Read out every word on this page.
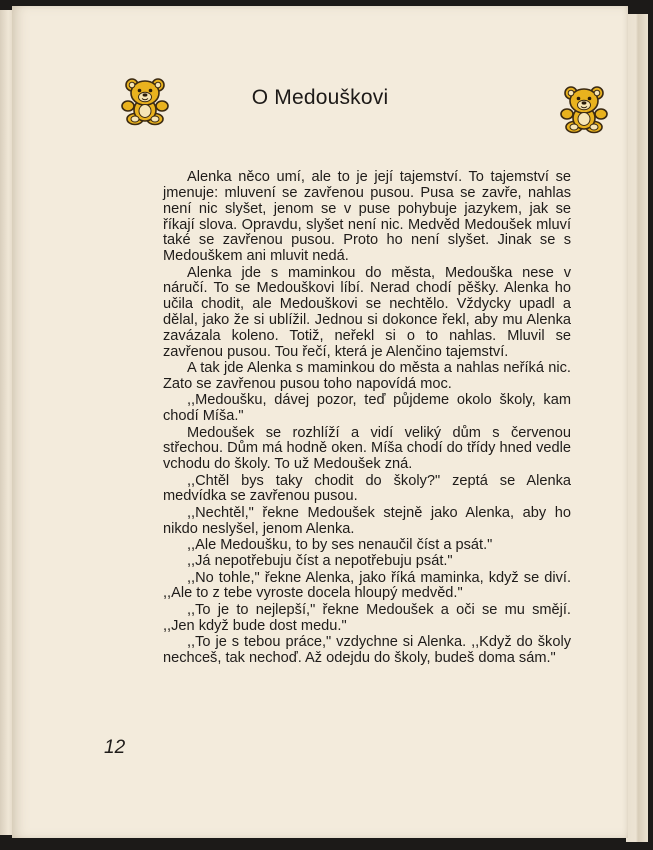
O Medouškovi

Alenka něco umí, ale to je její tajemství. To tajemství se jmenuje: mluvení se zavřenou pusou. Pusa se zavře, nahlas není nic slyšet, jenom se v puse pohybuje jazykem, jak se říkají slova. Opravdu, slyšet není nic. Medvěd Medoušek mluví také se zavřenou pusou. Proto ho není slyšet. Jinak se s Medouškem ani mluvit nedá.

Alenka jde s maminkou do města, Medouška nese v náručí. To se Medouškovi líbí. Nerad chodí pěšky. Alenka ho učila chodit, ale Medouškovi se nechtělo. Vždycky upadl a dělal, jako že si ublížil. Jednou si dokonce řekl, aby mu Alenka zavázala koleno. Totiž, neřekl si o to nahlas. Mluvil se zavřenou pusou. Tou řečí, která je Alenčino tajemství.

A tak jde Alenka s maminkou do města a nahlas neříká nic. Zato se zavřenou pusou toho napovídá moc.

,,Medoušku, dávej pozor, teď půjdeme okolo školy, kam chodí Míša."

Medoušek se rozhlíží a vidí veliký dům s červenou střechou. Dům má hodně oken. Míša chodí do třídy hned vedle vchodu do školy. To už Medoušek zná.

,,Chtěl bys taky chodit do školy?" zeptá se Alenka medvídka se zavřenou pusou.

,,Nechtěl," řekne Medoušek stejně jako Alenka, aby ho nikdo neslyšel, jenom Alenka.

,,Ale Medoušku, to by ses nenaučil číst a psát."

,,Já nepotřebuju číst a nepotřebuju psát."

,,No tohle," řekne Alenka, jako říká maminka, když se diví. ,,Ale to z tebe vyroste docela hloupý medvěd."

,,To je to nejlepší," řekne Medoušek a oči se mu smějí. ,,Jen když bude dost medu."

,,To je s tebou práce," vzdychne si Alenka. ,,Když do školy nechceš, tak nechoď. Až odejdu do školy, budeš doma sám."

12
